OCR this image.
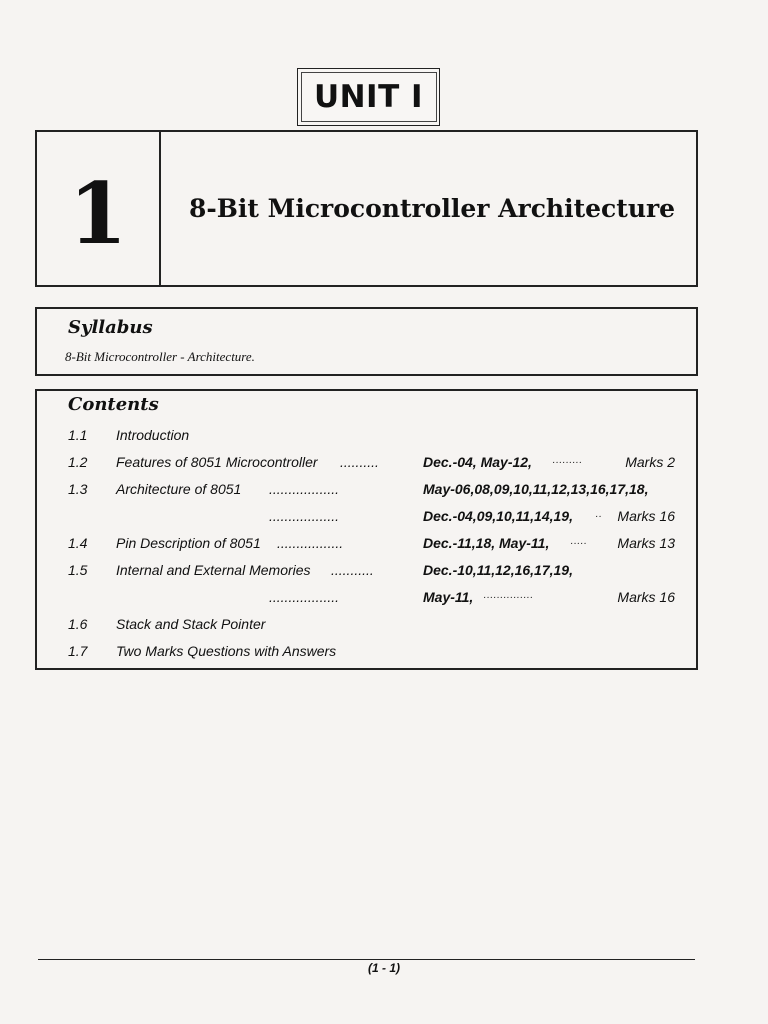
UNIT I
1	8-Bit Microcontroller Architecture
Syllabus
8-Bit Microcontroller - Architecture.
Contents
1.1 Introduction
1.2 Features of 8051 Microcontroller ..........	Dec.-04, May-12, ·········	Marks 2
1.3 Architecture of 8051 ..................	May-06,08,09,10,11,12,13,16,17,18,
..................	Dec.-04,09,10,11,14,19, ·· Marks 16
1.4 Pin Description of 8051 .................	Dec.-11,18, May-11, ····· Marks 13
1.5 Internal and External Memories ...........	Dec.-10,11,12,16,17,19,
..................	May-11, ···············	Marks 16
1.6 Stack and Stack Pointer
1.7 Two Marks Questions with Answers
(1 - 1)
